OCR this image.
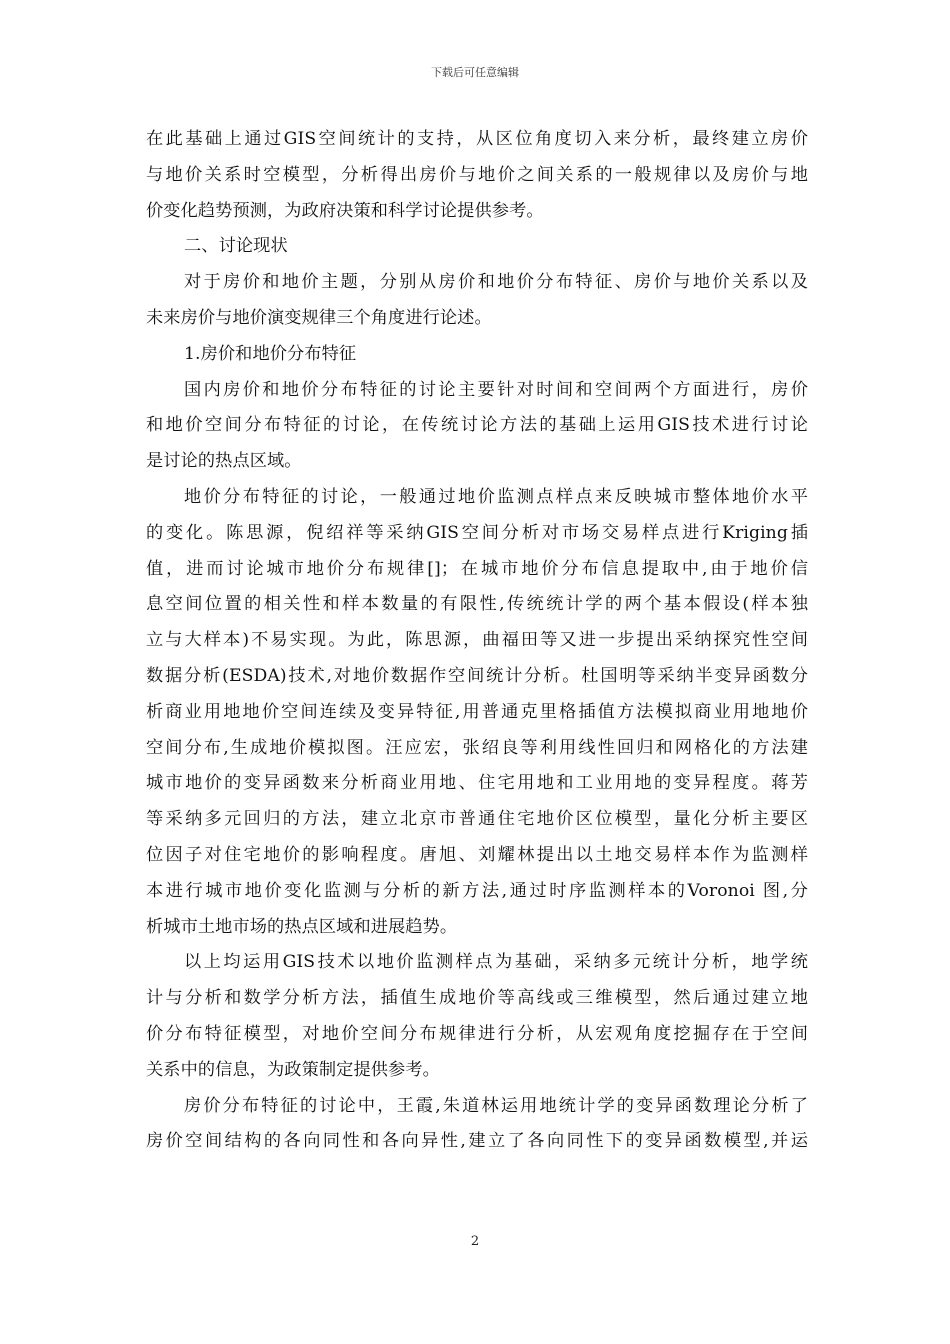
下载后可任意编辑
在此基础上通过GIS空间统计的支持，从区位角度切入来分析，最终建立房价
与地价关系时空模型，分析得出房价与地价之间关系的一般规律以及房价与地
价变化趋势预测，为政府决策和科学讨论提供参考。
二、讨论现状
对于房价和地价主题，分别从房价和地价分布特征、房价与地价关系以及
未来房价与地价演变规律三个角度进行论述。
1.房价和地价分布特征
国内房价和地价分布特征的讨论主要针对时间和空间两个方面进行，房价
和地价空间分布特征的讨论，在传统讨论方法的基础上运用GIS技术进行讨论
是讨论的热点区域。
地价分布特征的讨论，一般通过地价监测点样点来反映城市整体地价水平
的变化。陈思源，倪绍祥等采纳GIS空间分析对市场交易样点进行Kriging插
值，进而讨论城市地价分布规律[]；在城市地价分布信息提取中,由于地价信
息空间位置的相关性和样本数量的有限性,传统统计学的两个基本假设(样本独
立与大样本)不易实现。为此，陈思源，曲福田等又进一步提出采纳探究性空间
数据分析(ESDA)技术,对地价数据作空间统计分析。杜国明等采纳半变异函数分
析商业用地地价空间连续及变异特征,用普通克里格插值方法模拟商业用地地价
空间分布,生成地价模拟图。汪应宏，张绍良等利用线性回归和网格化的方法建
城市地价的变异函数来分析商业用地、住宅用地和工业用地的变异程度。蒋芳
等采纳多元回归的方法，建立北京市普通住宅地价区位模型，量化分析主要区
位因子对住宅地价的影响程度。唐旭、刘耀林提出以土地交易样本作为监测样
本进行城市地价变化监测与分析的新方法,通过时序监测样本的Voronoi 图,分
析城市土地市场的热点区域和进展趋势。
以上均运用GIS技术以地价监测样点为基础，采纳多元统计分析，地学统
计与分析和数学分析方法，插值生成地价等高线或三维模型，然后通过建立地
价分布特征模型，对地价空间分布规律进行分析，从宏观角度挖掘存在于空间
关系中的信息，为政策制定提供参考。
房价分布特征的讨论中，王霞,朱道林运用地统计学的变异函数理论分析了
房价空间结构的各向同性和各向异性,建立了各向同性下的变异函数模型,并运
2
